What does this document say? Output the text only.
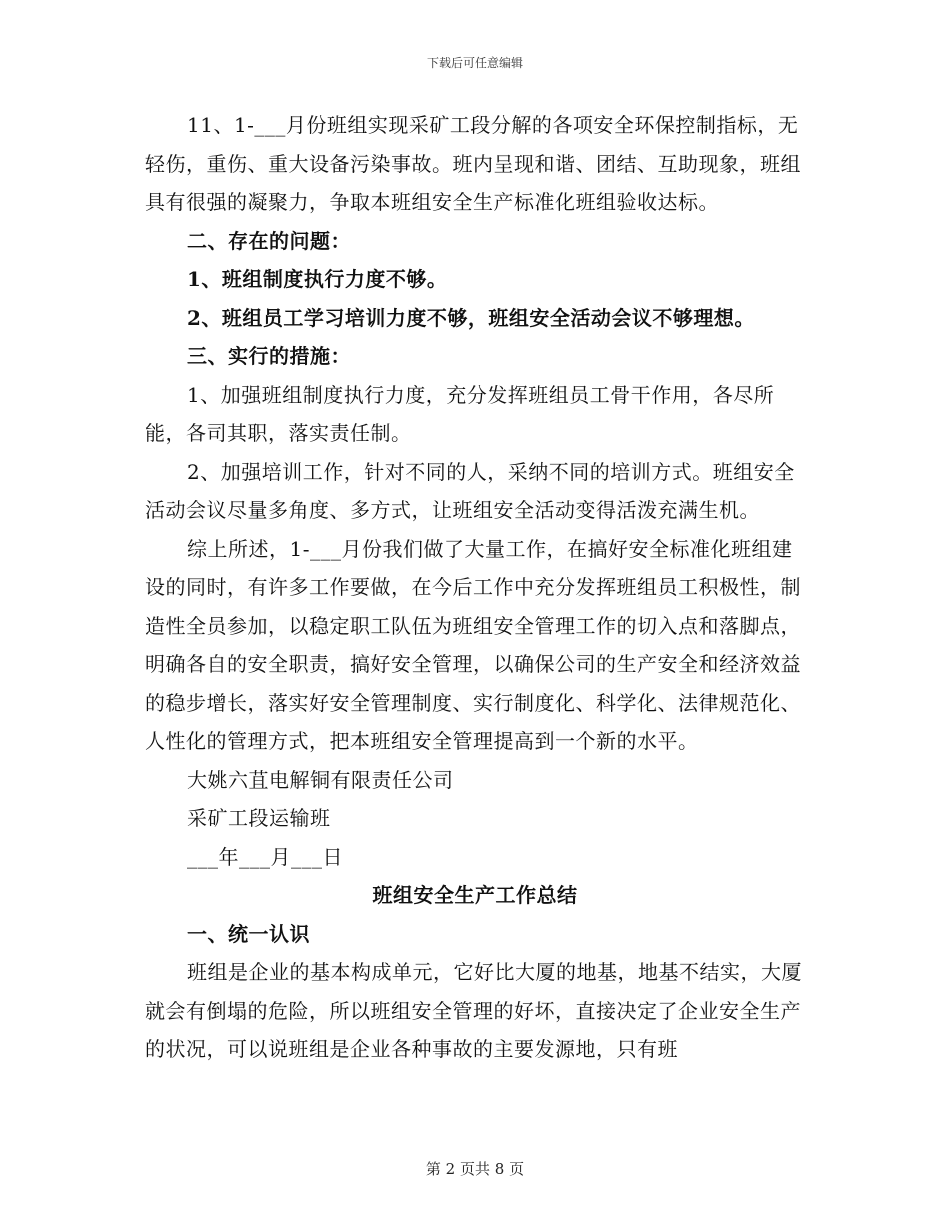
下载后可任意编辑

11、1-___月份班组实现采矿工段分解的各项安全环保控制指标，无轻伤，重伤、重大设备污染事故。班内呈现和谐、团结、互助现象，班组具有很强的凝聚力，争取本班组安全生产标准化班组验收达标。

二、存在的问题：

1、班组制度执行力度不够。

2、班组员工学习培训力度不够，班组安全活动会议不够理想。

三、实行的措施：

1、加强班组制度执行力度，充分发挥班组员工骨干作用，各尽所能，各司其职，落实责任制。

2、加强培训工作，针对不同的人，采纳不同的培训方式。班组安全活动会议尽量多角度、多方式，让班组安全活动变得活泼充满生机。

综上所述，1-___月份我们做了大量工作，在搞好安全标准化班组建设的同时，有许多工作要做，在今后工作中充分发挥班组员工积极性，制造性全员参加，以稳定职工队伍为班组安全管理工作的切入点和落脚点，明确各自的安全职责，搞好安全管理，以确保公司的生产安全和经济效益的稳步增长，落实好安全管理制度、实行制度化、科学化、法律规范化、人性化的管理方式，把本班组安全管理提高到一个新的水平。

大姚六苴电解铜有限责任公司

采矿工段运输班

___年___月___日

班组安全生产工作总结

一、统一认识

班组是企业的基本构成单元，它好比大厦的地基，地基不结实，大厦就会有倒塌的危险，所以班组安全管理的好坏，直接决定了企业安全生产的状况，可以说班组是企业各种事故的主要发源地，只有班

第 2 页共 8 页
